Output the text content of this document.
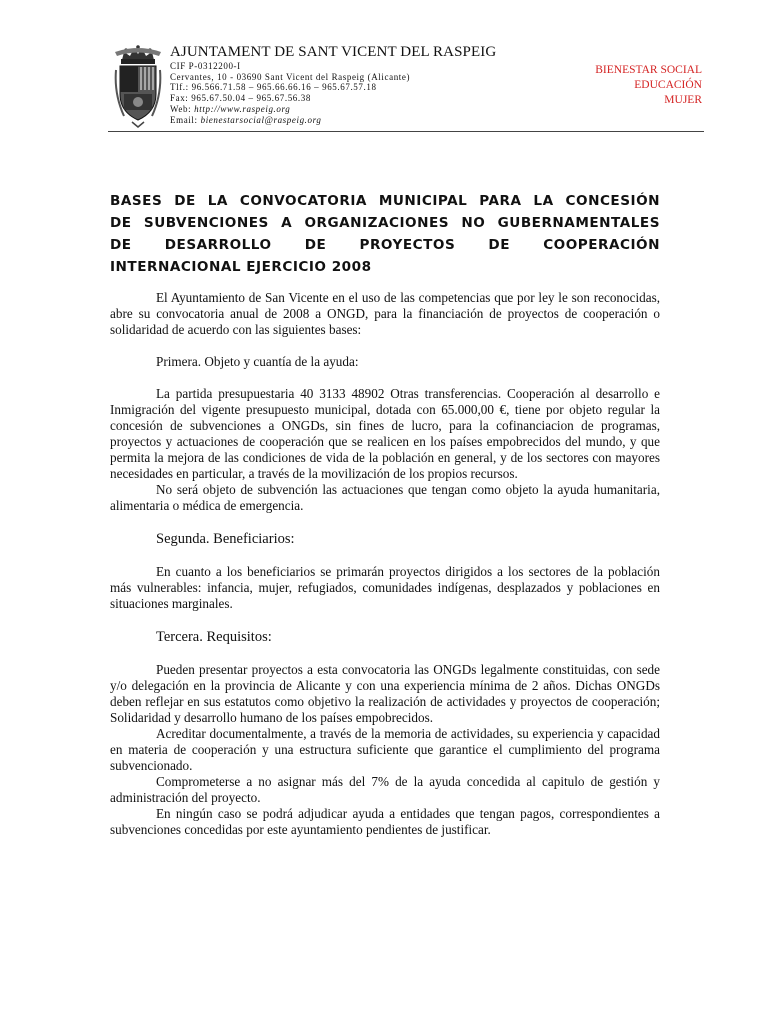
AJUNTAMENT DE SANT VICENT DEL RASPEIG
CIF P-0312200-I
Cervantes, 10 - 03690 Sant Vicent del Raspeig (Alicante)
Tlf.: 96.566.71.58 – 965.66.66.16 – 965.67.57.18
Fax: 965.67.50.04 – 965.67.56.38
Web: http://www.raspeig.org
Email: bienestarsocial@raspeig.org
BIENESTAR SOCIAL
EDUCACIÓN
MUJER
BASES DE LA CONVOCATORIA MUNICIPAL PARA LA CONCESIÓN
DE SUBVENCIONES A ORGANIZACIONES NO GUBERNAMENTALES
DE DESARROLLO DE PROYECTOS DE COOPERACIÓN
INTERNACIONAL EJERCICIO 2008

El Ayuntamiento de San Vicente en el uso de las competencias que por ley le son reconocidas, abre su convocatoria anual de 2008 a ONGD, para la financiación de proyectos de cooperación o solidaridad de acuerdo con las siguientes bases:

Primera. Objeto y cuantía de la ayuda:

La partida presupuestaria 40 3133 48902 Otras transferencias. Cooperación al desarrollo e Inmigración del vigente presupuesto municipal, dotada con 65.000,00 €, tiene por objeto regular la concesión de subvenciones a ONGDs, sin fines de lucro, para la cofinanciacion de programas, proyectos y actuaciones de cooperación que se realicen en los países empobrecidos del mundo, y que permita la mejora de las condiciones de vida de la población en general, y de los sectores con mayores necesidades en particular, a través de la movilización de los propios recursos.

No será objeto de subvención las actuaciones que tengan como objeto la ayuda humanitaria, alimentaria o médica de emergencia.

Segunda. Beneficiarios:

En cuanto a los beneficiarios se primarán proyectos dirigidos a los sectores de la población más vulnerables: infancia, mujer, refugiados, comunidades indígenas, desplazados y poblaciones en situaciones marginales.

Tercera. Requisitos:

Pueden presentar proyectos a esta convocatoria las ONGDs legalmente constituidas, con sede y/o delegación en la provincia de Alicante y con una experiencia mínima de 2 años. Dichas ONGDs deben reflejar en sus estatutos como objetivo la realización de actividades y proyectos de cooperación; Solidaridad y desarrollo humano de los países empobrecidos.

Acreditar documentalmente, a través de la memoria de actividades, su experiencia y capacidad en materia de cooperación y una estructura suficiente que garantice el cumplimiento del programa subvencionado.

Comprometerse a no asignar más del 7% de la ayuda concedida al capitulo de gestión y administración del proyecto.

En ningún caso se podrá adjudicar ayuda a entidades que tengan pagos, correspondientes a subvenciones concedidas por este ayuntamiento pendientes de justificar.
